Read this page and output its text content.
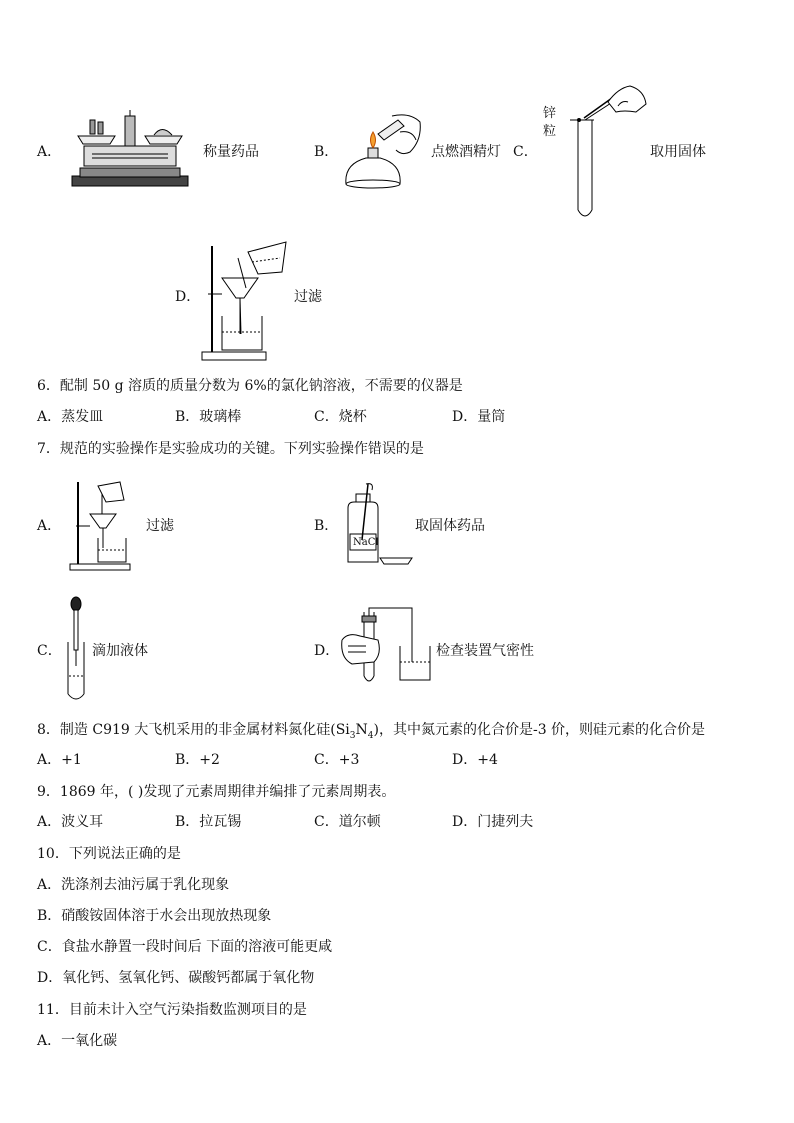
A．	称量药品	B．	点燃酒精灯 C．
锌
粒
取用固体
D．	过滤
6．配制 50 g 溶质的质量分数为 6%的氯化钠溶液，不需要的仪器是
A．蒸发皿	B．玻璃棒	C．烧杯	D．量筒
7．规范的实验操作是实验成功的关键。下列实验操作错误的是
A．	过滤	B．
NaCl
取固体药品
C． 滴加液体	D．	检查装置气密性
8．制造 C919 大飞机采用的非金属材料氮化硅$(Si_3N_4)$，其中氮元素的化合价是-3 价，则硅元素的化合价是
A．+1	B．+2	C．+3	D．+4
9．1869 年，( )发现了元素周期律并编排了元素周期表。
A．波义耳	B．拉瓦锡	C．道尔顿	D．门捷列夫
10．下列说法正确的是
A．洗涤剂去油污属于乳化现象
B．硝酸铵固体溶于水会出现放热现象
C．食盐水静置一段时间后 下面的溶液可能更咸
D．氧化钙、氢氧化钙、碳酸钙都属于氧化物
11．目前未计入空气污染指数监测项目的是
A．一氧化碳
